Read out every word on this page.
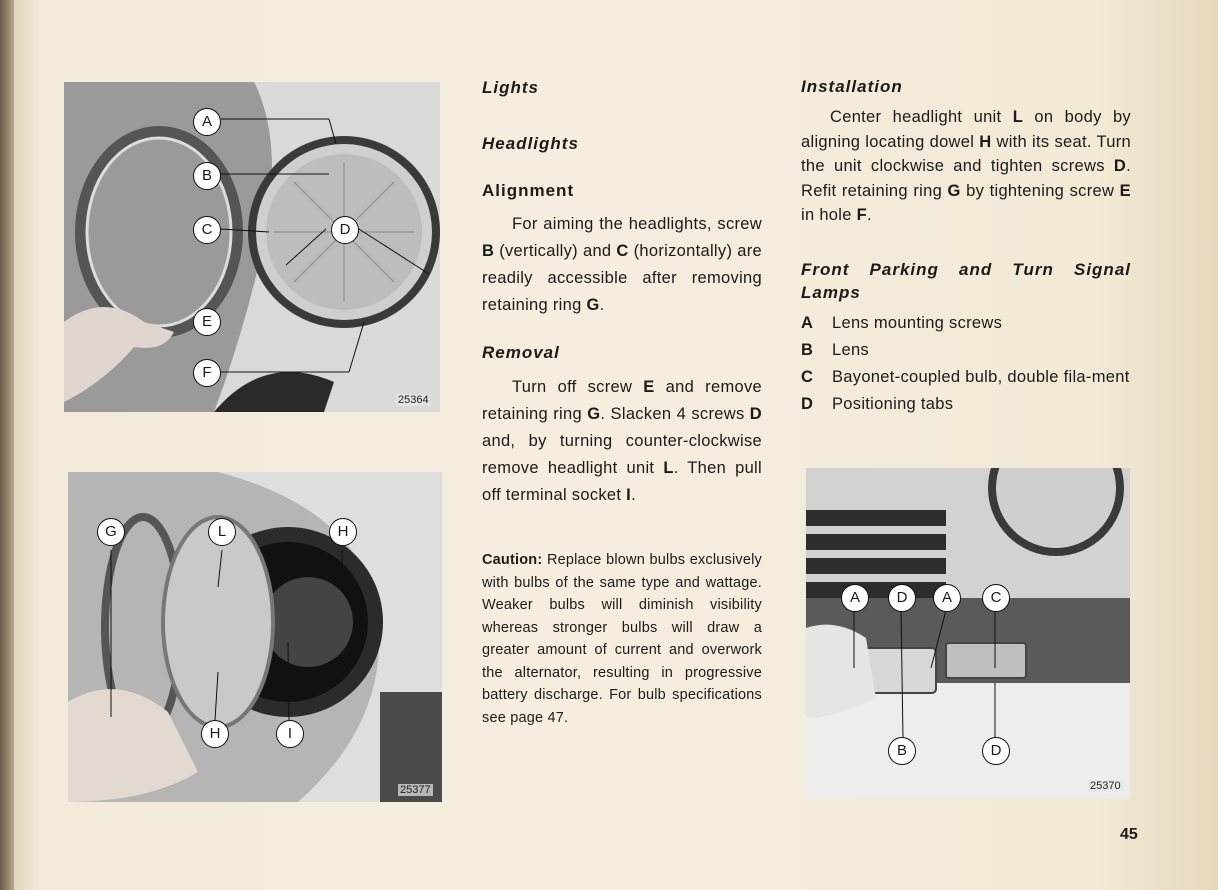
25364
A
B
C	D
E
F
25377
G	L	H
H	I
25370
A	D	A	C
B	D
Lights
Headlights
Alignment
For aiming the headlights, screw B (vertically) and C (horizontally) are readily accessible after removing retaining ring G.
Removal
Turn off screw E and remove retaining ring G. Slacken 4 screws D and, by turning counter-clockwise remove headlight unit L. Then pull off terminal socket I.
Caution: Replace blown bulbs exclusively with bulbs of the same type and wattage. Weaker bulbs will diminish visibility whereas stronger bulbs will draw a greater amount of current and overwork the alternator, resulting in progressive battery discharge. For bulb specifications see page 47.
Installation
Center headlight unit L on body by aligning locating dowel H with its seat. Turn the unit clockwise and tighten screws D. Refit retaining ring G by tightening screw E in hole F.
Front Parking and Turn Signal Lamps
A	Lens mounting screws
B	Lens
C	Bayonet-coupled bulb, double fila-ment
D	Positioning tabs
45
